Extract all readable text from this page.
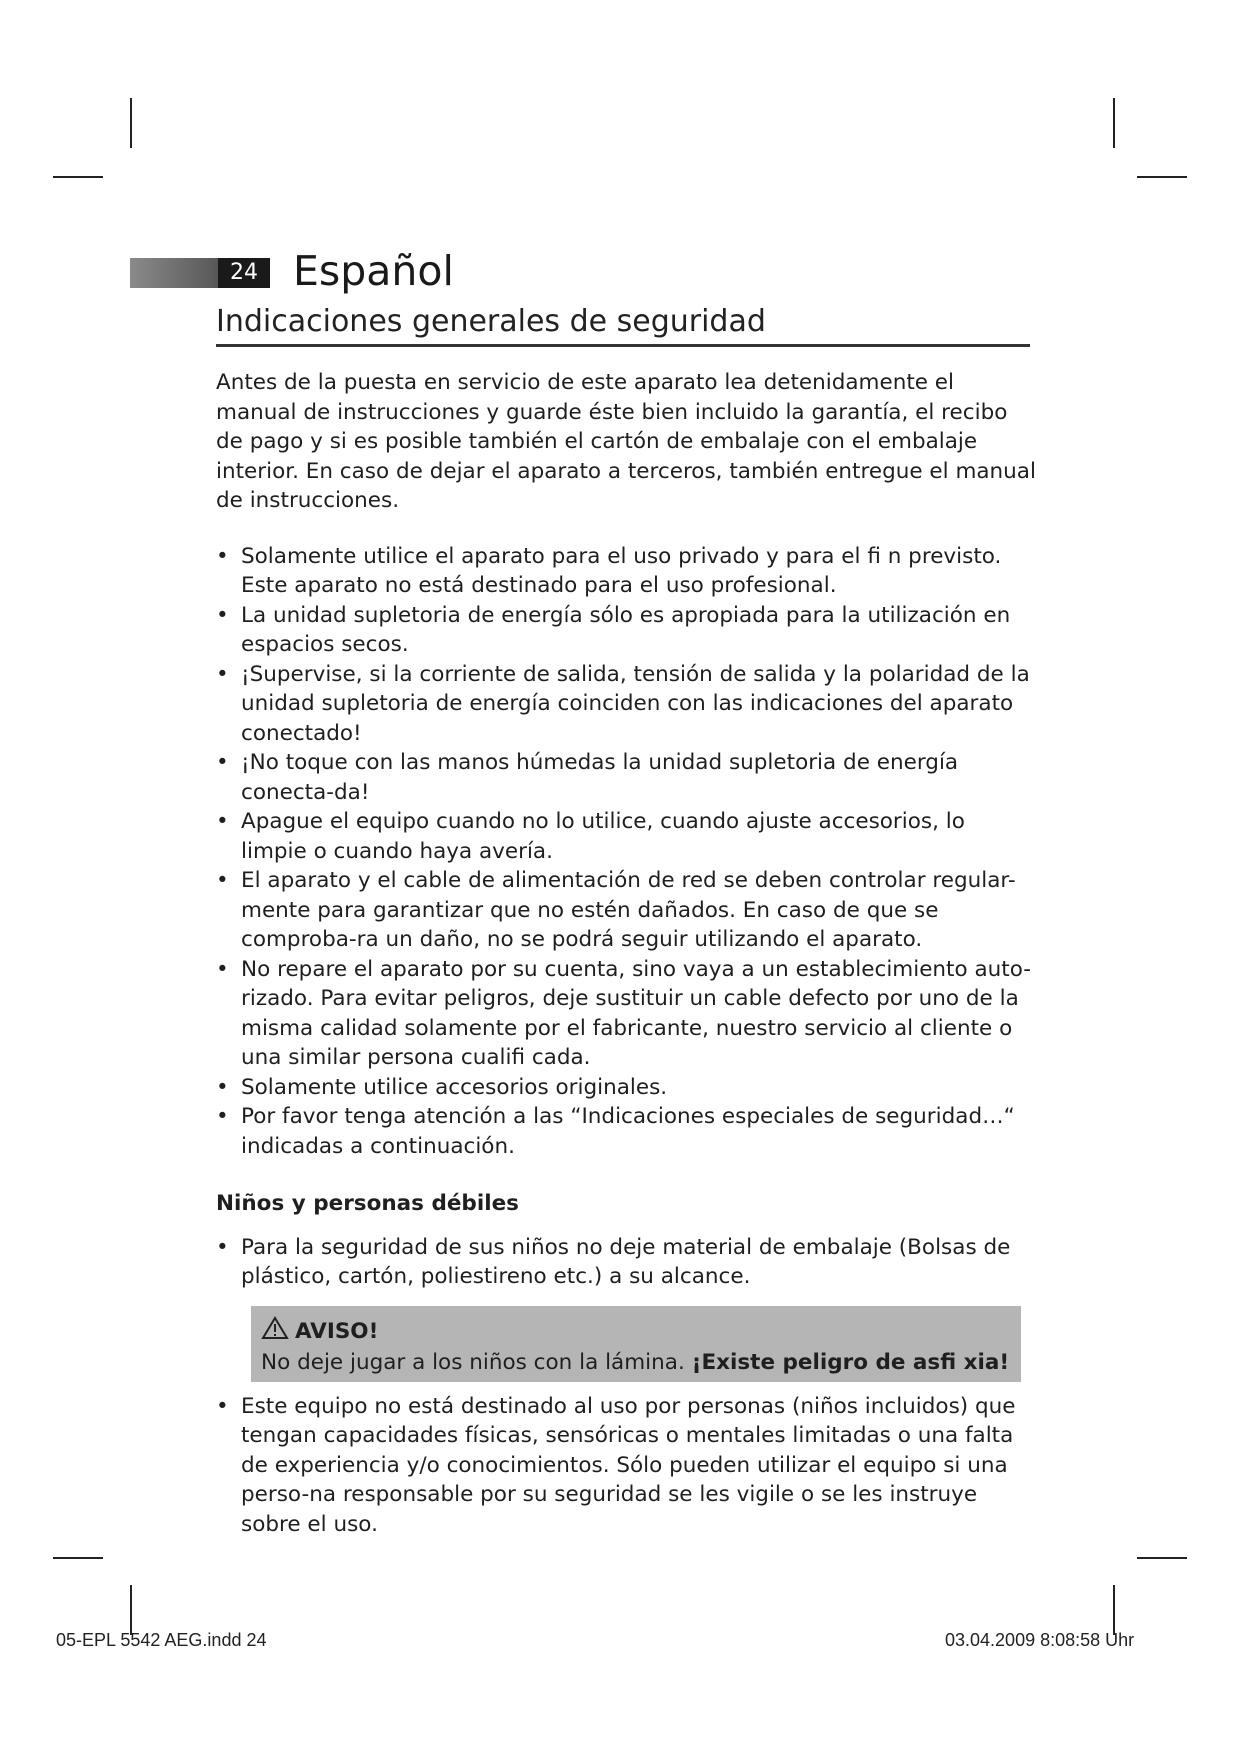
24 Español
Indicaciones generales de seguridad

Antes de la puesta en servicio de este aparato lea detenidamente el manual de instrucciones y guarde éste bien incluido la garantía, el recibo de pago y si es posible también el cartón de embalaje con el embalaje interior. En caso de dejar el aparato a terceros, también entregue el manual de instrucciones.

• Solamente utilice el aparato para el uso privado y para el fi n previsto. Este aparato no está destinado para el uso profesional.
• La unidad supletoria de energía sólo es apropiada para la utilización en espacios secos.
• ¡Supervise, si la corriente de salida, tensión de salida y la polaridad de la unidad supletoria de energía coinciden con las indicaciones del aparato conectado!
• ¡No toque con las manos húmedas la unidad supletoria de energía conecta-da!
• Apague el equipo cuando no lo utilice, cuando ajuste accesorios, lo limpie o cuando haya avería.
• El aparato y el cable de alimentación de red se deben controlar regular-mente para garantizar que no estén dañados. En caso de que se comproba-ra un daño, no se podrá seguir utilizando el aparato.
• No repare el aparato por su cuenta, sino vaya a un establecimiento auto-rizado. Para evitar peligros, deje sustituir un cable defecto por uno de la misma calidad solamente por el fabricante, nuestro servicio al cliente o una similar persona cualifi cada.
• Solamente utilice accesorios originales.
• Por favor tenga atención a las “Indicaciones especiales de seguridad…“ indicadas a continuación.
Niños y personas débiles
• Para la seguridad de sus niños no deje material de embalaje (Bolsas de plástico, cartón, poliestireno etc.) a su alcance.
AVISO!
No deje jugar a los niños con la lámina. ¡Existe peligro de asfi xia!
• Este equipo no está destinado al uso por personas (niños incluidos) que tengan capacidades físicas, sensóricas o mentales limitadas o una falta de experiencia y/o conocimientos. Sólo pueden utilizar el equipo si una perso-na responsable por su seguridad se les vigile o se les instruye sobre el uso.
05-EPL 5542 AEG.indd 24	03.04.2009 8:08:58 Uhr
